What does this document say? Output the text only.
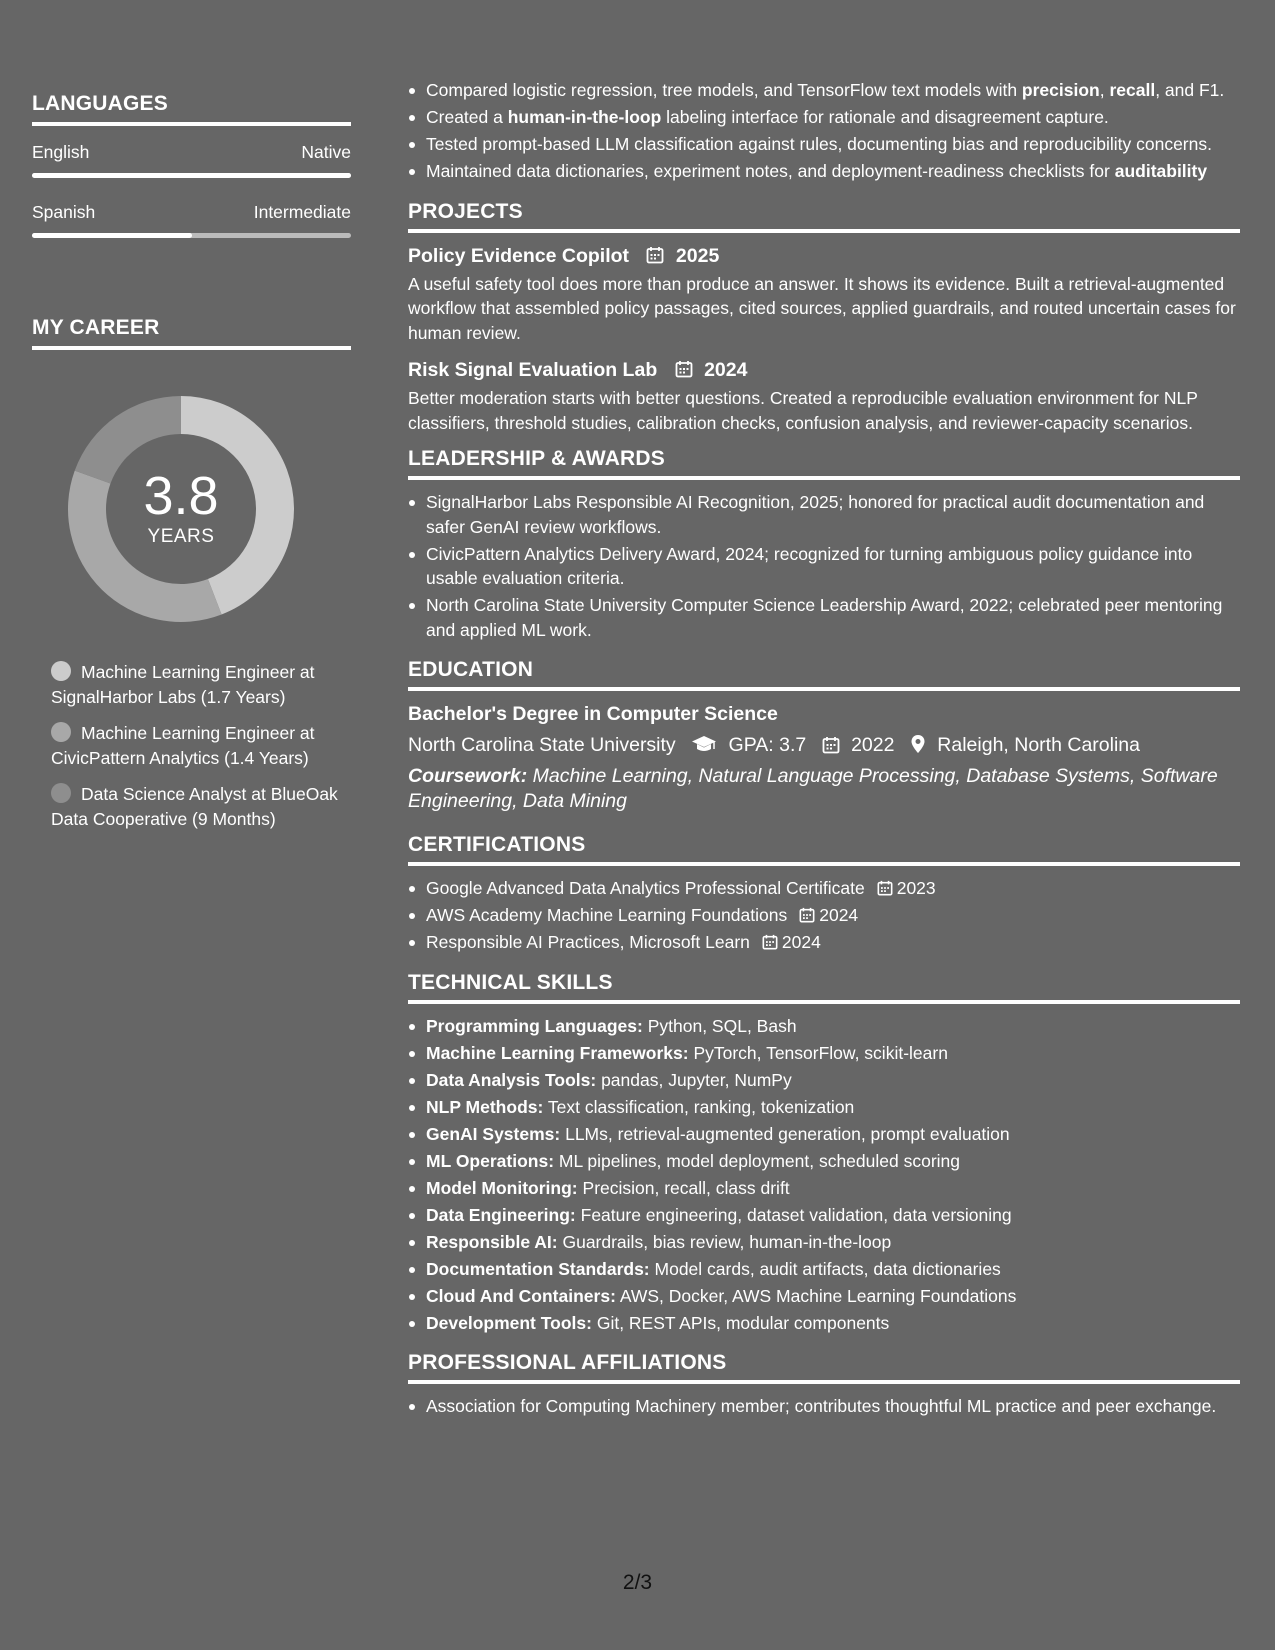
LANGUAGES
English	Native
Spanish	Intermediate
MY CAREER
3.8
YEARS
Machine Learning Engineer at SignalHarbor Labs (1.7 Years)
Machine Learning Engineer at CivicPattern Analytics (1.4 Years)
Data Science Analyst at BlueOak Data Cooperative (9 Months)
Compared logistic regression, tree models, and TensorFlow text models with precision, recall, and F1.
Created a human-in-the-loop labeling interface for rationale and disagreement capture.
Tested prompt-based LLM classification against rules, documenting bias and reproducibility concerns.
Maintained data dictionaries, experiment notes, and deployment-readiness checklists for auditability
PROJECTS
Policy Evidence Copilot 2025
A useful safety tool does more than produce an answer. It shows its evidence. Built a retrieval-augmented workflow that assembled policy passages, cited sources, applied guardrails, and routed uncertain cases for human review.
Risk Signal Evaluation Lab 2024
Better moderation starts with better questions. Created a reproducible evaluation environment for NLP classifiers, threshold studies, calibration checks, confusion analysis, and reviewer-capacity scenarios.
LEADERSHIP & AWARDS
SignalHarbor Labs Responsible AI Recognition, 2025; honored for practical audit documentation and safer GenAI review workflows.
CivicPattern Analytics Delivery Award, 2024; recognized for turning ambiguous policy guidance into usable evaluation criteria.
North Carolina State University Computer Science Leadership Award, 2022; celebrated peer mentoring and applied ML work.
EDUCATION
Bachelor's Degree in Computer Science
North Carolina State University	GPA: 3.7 2022 Raleigh, North Carolina
Coursework: Machine Learning, Natural Language Processing, Database Systems, Software Engineering, Data Mining
CERTIFICATIONS
Google Advanced Data Analytics Professional Certificate 2023
AWS Academy Machine Learning Foundations 2024
Responsible AI Practices, Microsoft Learn 2024
TECHNICAL SKILLS
Programming Languages: Python, SQL, Bash
Machine Learning Frameworks: PyTorch, TensorFlow, scikit-learn
Data Analysis Tools: pandas, Jupyter, NumPy
NLP Methods: Text classification, ranking, tokenization
GenAI Systems: LLMs, retrieval-augmented generation, prompt evaluation
ML Operations: ML pipelines, model deployment, scheduled scoring
Model Monitoring: Precision, recall, class drift
Data Engineering: Feature engineering, dataset validation, data versioning
Responsible AI: Guardrails, bias review, human-in-the-loop
Documentation Standards: Model cards, audit artifacts, data dictionaries
Cloud And Containers: AWS, Docker, AWS Machine Learning Foundations
Development Tools: Git, REST APIs, modular components
PROFESSIONAL AFFILIATIONS
Association for Computing Machinery member; contributes thoughtful ML practice and peer exchange.
2/3
